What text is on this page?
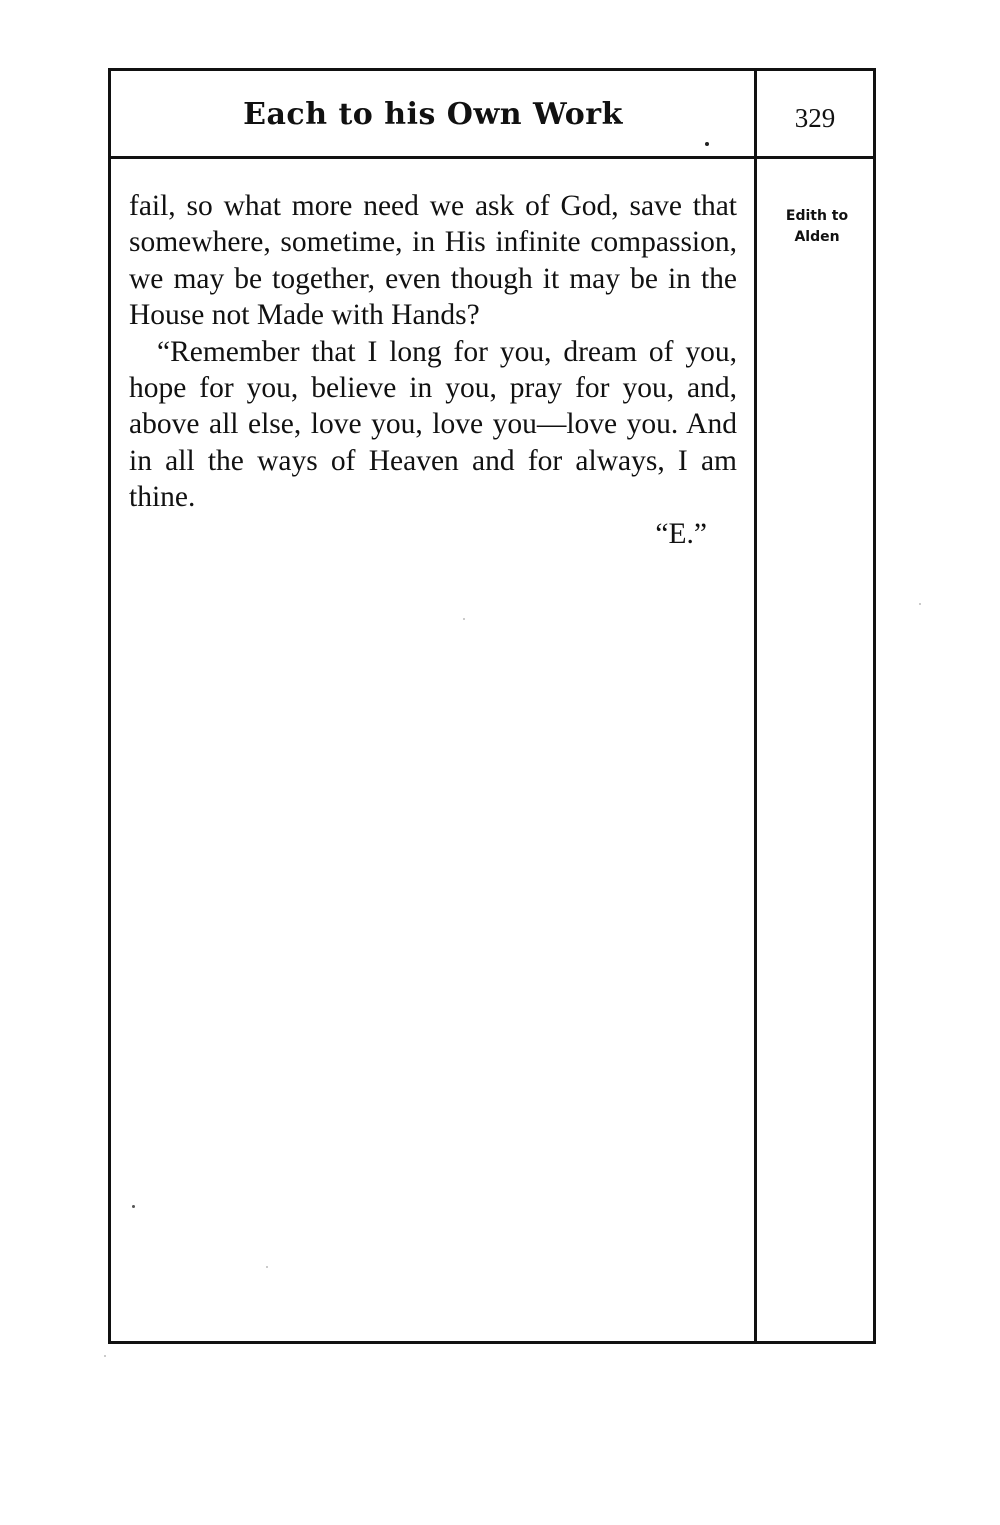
Each to his Own Work	329
Edith to
Alden

fail, so what more need we ask of God, save that somewhere, sometime, in His infinite compassion, we may be together, even though it may be in the House not Made with Hands?

“Remember that I long for you, dream of you, hope for you, believe in you, pray for you, and, above all else, love you, love you—love you. And in all the ways of Heaven and for always, I am thine.

“E.”
